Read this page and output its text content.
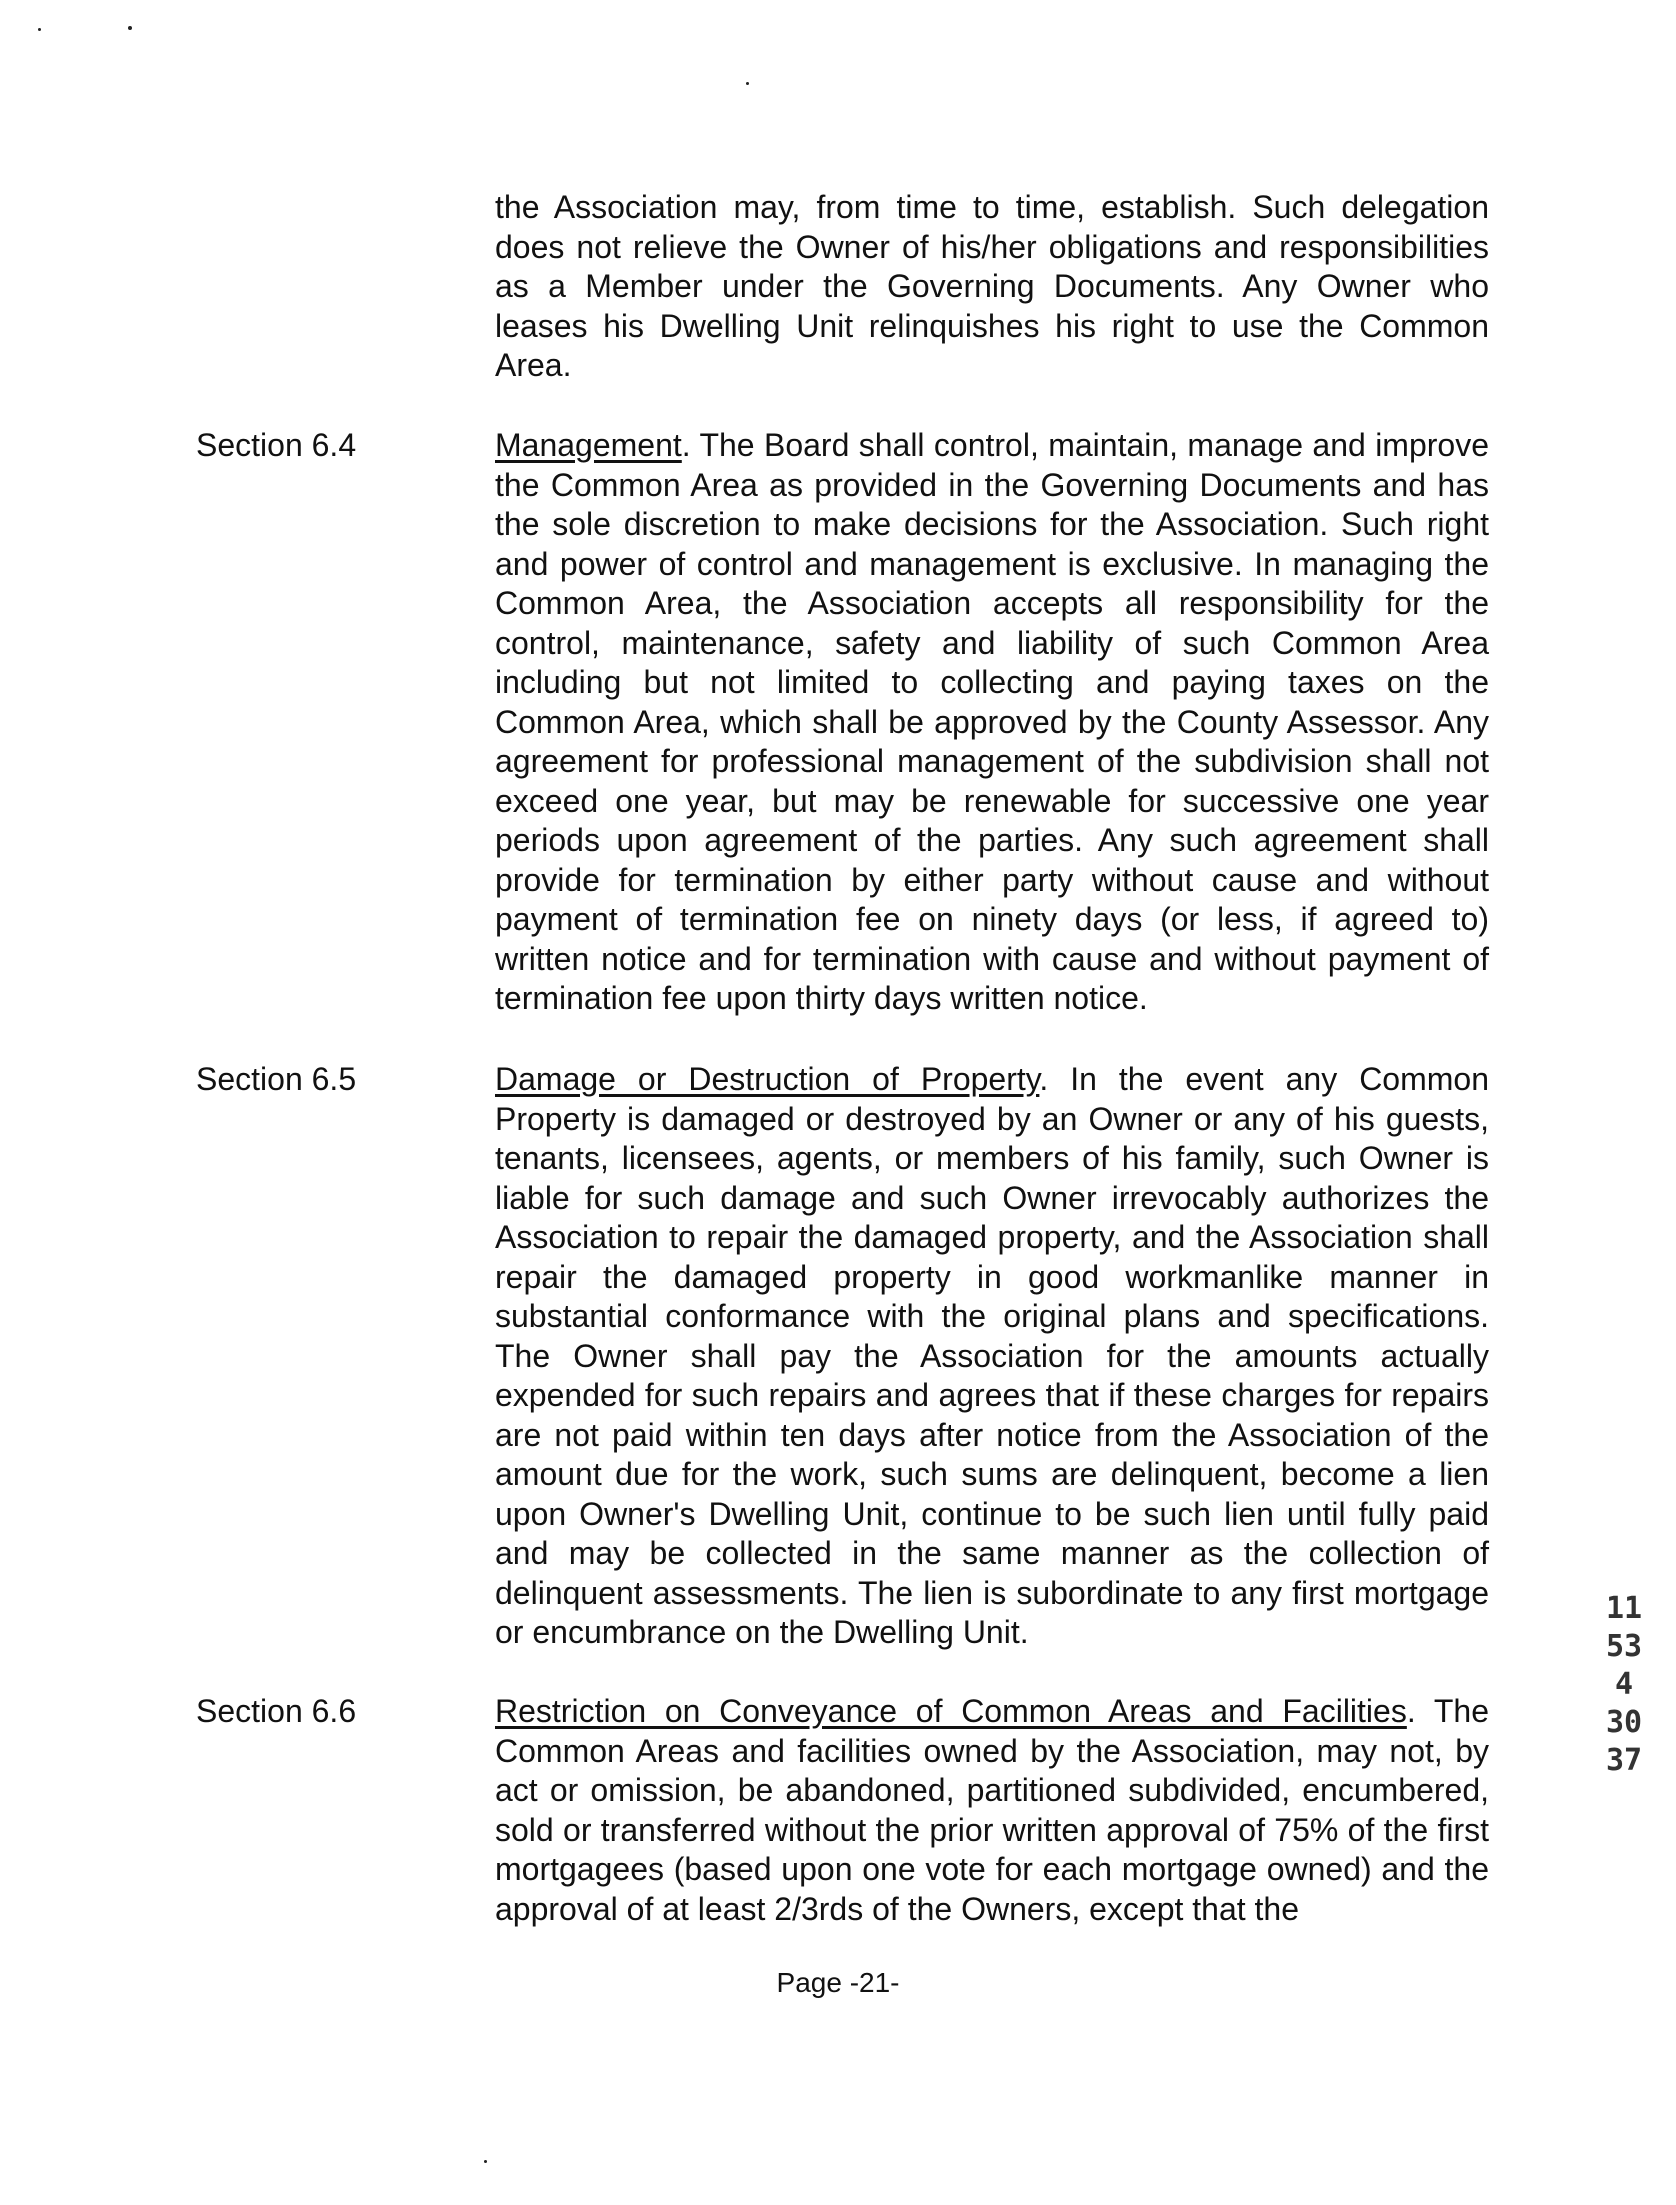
the Association may, from time to time, establish. Such delegation does not relieve the Owner of his/her obligations and responsibilities as a Member under the Governing Documents. Any Owner who leases his Dwelling Unit relinquishes his right to use the Common Area.

Section 6.4	Management. The Board shall control, maintain, manage and improve the Common Area as provided in the Governing Documents and has the sole discretion to make decisions for the Association. Such right and power of control and management is exclusive. In managing the Common Area, the Association accepts all responsibility for the control, maintenance, safety and liability of such Common Area including but not limited to collecting and paying taxes on the Common Area, which shall be approved by the County Assessor. Any agreement for professional management of the subdivision shall not exceed one year, but may be renewable for successive one year periods upon agreement of the parties. Any such agreement shall provide for termination by either party without cause and without payment of termination fee on ninety days (or less, if agreed to) written notice and for termination with cause and without payment of termination fee upon thirty days written notice.

Section 6.5	Damage or Destruction of Property. In the event any Common Property is damaged or destroyed by an Owner or any of his guests, tenants, licensees, agents, or members of his family, such Owner is liable for such damage and such Owner irrevocably authorizes the Association to repair the damaged property, and the Association shall repair the damaged property in good workmanlike manner in substantial conformance with the original plans and specifications. The Owner shall pay the Association for the amounts actually expended for such repairs and agrees that if these charges for repairs are not paid within ten days after notice from the Association of the amount due for the work, such sums are delinquent, become a lien upon Owner's Dwelling Unit, continue to be such lien until fully paid and may be collected in the same manner as the collection of delinquent assessments. The lien is subordinate to any first mortgage or encumbrance on the Dwelling Unit.

Section 6.6	Restriction on Conveyance of Common Areas and Facilities. The Common Areas and facilities owned by the Association, may not, by act or omission, be abandoned, partitioned subdivided, encumbered, sold or transferred without the prior written approval of 75% of the first mortgagees (based upon one vote for each mortgage owned) and the approval of at least 2/3rds of the Owners, except that the

Page -21-

11534 3037
